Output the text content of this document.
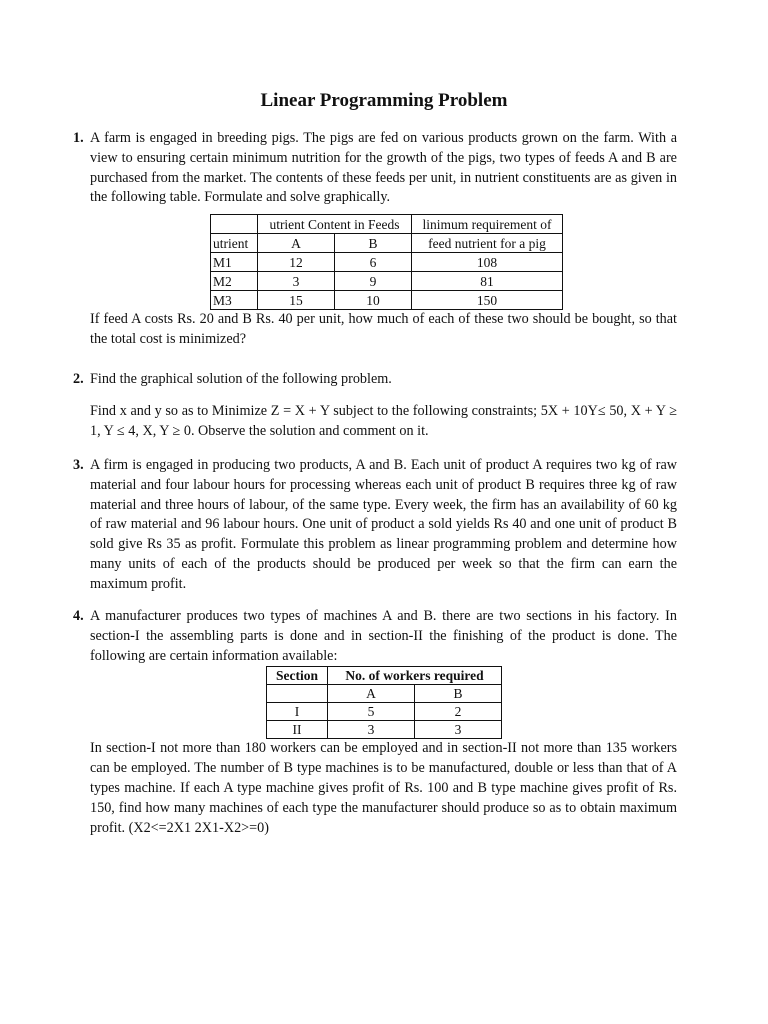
Linear Programming Problem
1. A farm is engaged in breeding pigs. The pigs are fed on various products grown on the farm. With a view to ensuring certain minimum nutrition for the growth of the pigs, two types of feeds A and B are purchased from the market. The contents of these feeds per unit, in nutrient constituents are as given in the following table. Formulate and solve graphically.

	utrient Content in Feeds		linimum requirement of
utrient	A	B	feed nutrient for a pig
M1	12	6	108
M2	3	9	81
M3	15	10	150

If feed A costs Rs. 20 and B Rs. 40 per unit, how much of each of these two should be bought, so that the total cost is minimized?

2. Find the graphical solution of the following problem.

Find x and y so as to Minimize Z = X + Y subject to the following constraints; 5X + 10Y≤ 50, X + Y ≥ 1, Y ≤ 4, X, Y ≥ 0. Observe the solution and comment on it.

3. A firm is engaged in producing two products, A and B. Each unit of product A requires two kg of raw material and four labour hours for processing whereas each unit of product B requires three kg of raw material and three hours of labour, of the same type. Every week, the firm has an availability of 60 kg of raw material and 96 labour hours. One unit of product a sold yields Rs 40 and one unit of product B sold give Rs 35 as profit. Formulate this problem as linear programming problem and determine how many units of each of the products should be produced per week so that the firm can earn the maximum profit.

4. A manufacturer produces two types of machines A and B. there are two sections in his factory. In section-I the assembling parts is done and in section-II the finishing of the product is done. The following are certain information available:

Section	No. of workers required	
	A	B
I	5	2
II	3	3

In section-I not more than 180 workers can be employed and in section-II not more than 135 workers can be employed. The number of B type machines is to be manufactured, double or less than that of A types machine. If each A type machine gives profit of Rs. 100 and B type machine gives profit of Rs. 150, find how many machines of each type the manufacturer should produce so as to obtain maximum profit. (X2<=2X1 2X1-X2>=0)
